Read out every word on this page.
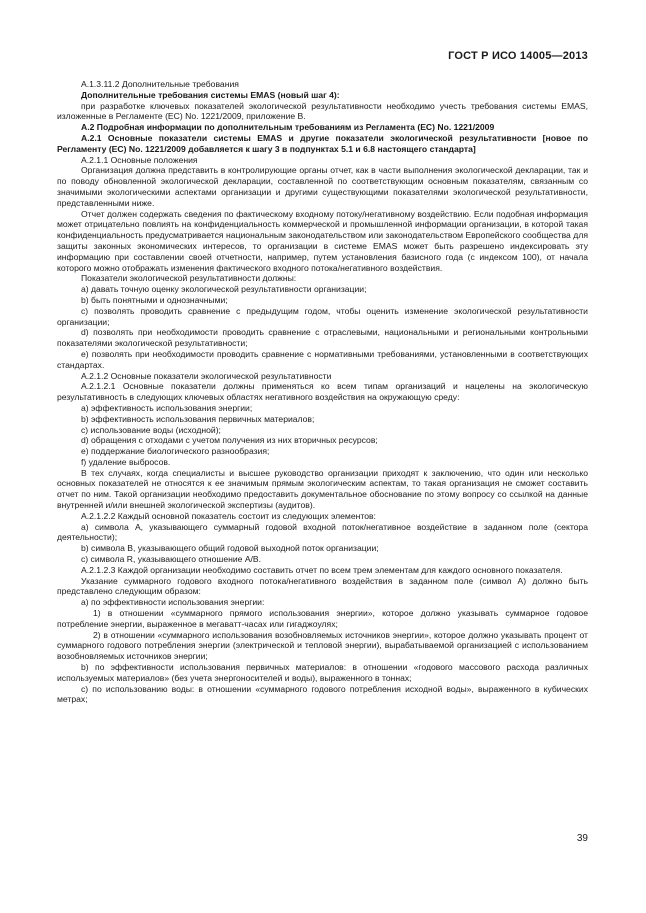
ГОСТ Р ИСО 14005—2013

А.1.3.11.2 Дополнительные требования

Дополнительные требования системы EMAS (новый шаг 4):

при разработке ключевых показателей экологической результативности необходимо учесть требования системы EMAS, изложенные в Регламенте (ЕС) No. 1221/2009, приложение В.

А.2 Подробная информации по дополнительным требованиям из Регламента (ЕС) No. 1221/2009

А.2.1 Основные показатели системы EMAS и другие показатели экологической результативности [новое по Регламенту (ЕС) No. 1221/2009 добавляется к шагу 3 в подпунктах 5.1 и 6.8 настоящего стандарта]

А.2.1.1 Основные положения

Организация должна представить в контролирующие органы отчет, как в части выполнения экологической декларации, так и по поводу обновленной экологической декларации, составленной по соответствующим основным показателям, связанным со значимыми экологическими аспектами организации и другими существующими показателями экологической результативности, представленными ниже.

Отчет должен содержать сведения по фактическому входному потоку/негативному воздействию. Если подобная информация может отрицательно повлиять на конфиденциальность коммерческой и промышленной информации организации, в которой такая конфиденциальность предусматривается национальным законодательством или законодательством Европейского сообщества для защиты законных экономических интересов, то организации в системе EMAS может быть разрешено индексировать эту информацию при составлении своей отчетности, например, путем установления базисного года (с индексом 100), от начала которого можно отображать изменения фактического входного потока/негативного воздействия.

Показатели экологической результативности должны:

а) давать точную оценку экологической результативности организации;

b) быть понятными и однозначными;

c) позволять проводить сравнение с предыдущим годом, чтобы оценить изменение экологической результативности организации;

d) позволять при необходимости проводить сравнение с отраслевыми, национальными и региональными контрольными показателями экологической результативности;

e) позволять при необходимости проводить сравнение с нормативными требованиями, установленными в соответствующих стандартах.

А.2.1.2 Основные показатели экологической результативности

А.2.1.2.1 Основные показатели должны применяться ко всем типам организаций и нацелены на экологическую результативность в следующих ключевых областях негативного воздействия на окружающую среду:

а) эффективность использования энергии;

b) эффективность использования первичных материалов;

c) использование воды (исходной);

d) обращения с отходами с учетом получения из них вторичных ресурсов;

e) поддержание биологического разнообразия;

f) удаление выбросов.

В тех случаях, когда специалисты и высшее руководство организации приходят к заключению, что один или несколько основных показателей не относятся к ее значимым прямым экологическим аспектам, то такая организация не сможет составить отчет по ним. Такой организации необходимо предоставить документальное обоснование по этому вопросу со ссылкой на данные внутренней и/или внешней экологической экспертизы (аудитов).

А.2.1.2.2 Каждый основной показатель состоит из следующих элементов:

а) символа А, указывающего суммарный годовой входной поток/негативное воздействие в заданном поле (сектора деятельности);

b) символа В, указывающего общий годовой выходной поток организации;

c) символа R, указывающего отношение А/В.

А.2.1.2.3 Каждой организации необходимо составить отчет по всем трем элементам для каждого основного показателя.

Указание суммарного годового входного потока/негативного воздействия в заданном поле (символ А) должно быть представлено следующим образом:

а) по эффективности использования энергии:

1) в отношении «суммарного прямого использования энергии», которое должно указывать суммарное годовое потребление энергии, выраженное в мегаватт-часах или гигаджоулях;

2) в отношении «суммарного использования возобновляемых источников энергии», которое должно указывать процент от суммарного годового потребления энергии (электрической и тепловой энергии), вырабатываемой организацией с использованием возобновляемых источников энергии;

b) по эффективности использования первичных материалов: в отношении «годового массового расхода различных используемых материалов» (без учета энергоносителей и воды), выраженного в тоннах;

с) по использованию воды: в отношении «суммарного годового потребления исходной воды», выраженного в кубических метрах;

39
